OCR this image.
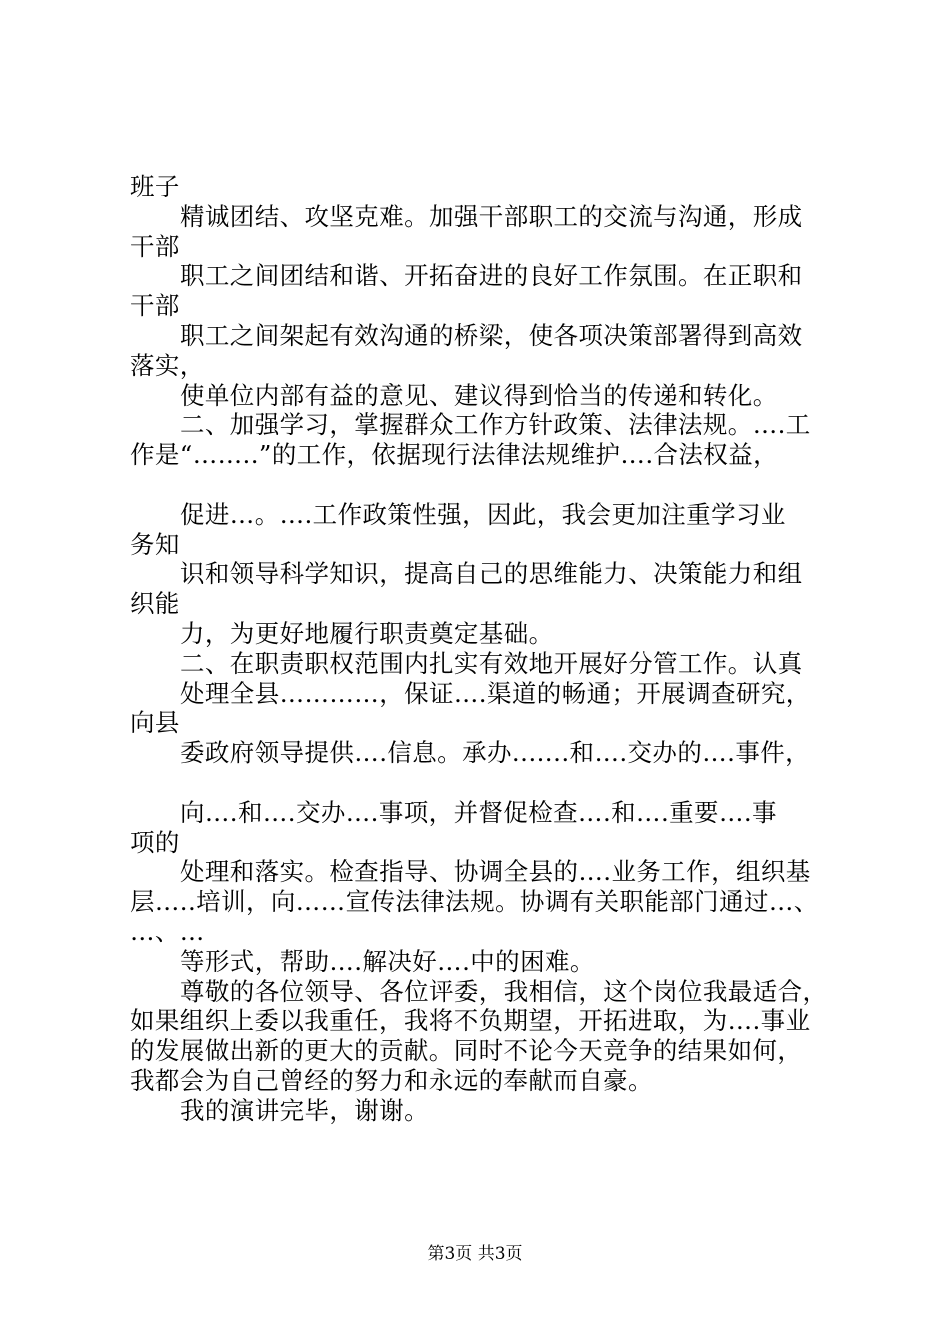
班子
精诚团结、攻坚克难。加强干部职工的交流与沟通，形成
干部
职工之间团结和谐、开拓奋进的良好工作氛围。在正职和
干部
职工之间架起有效沟通的桥梁，使各项决策部署得到高效
落实，
使单位内部有益的意见、建议得到恰当的传递和转化。
二、加强学习，掌握群众工作方针政策、法律法规。….工
作是“……..”的工作，依据现行法律法规维护….合法权益，
促进…。….工作政策性强，因此，我会更加注重学习业
务知
识和领导科学知识，提高自己的思维能力、决策能力和组
织能
力，为更好地履行职责奠定基础。
二、在职责职权范围内扎实有效地开展好分管工作。认真
处理全县…………，保证….渠道的畅通；开展调查研究，
向县
委政府领导提供….信息。承办..…..和….交办的….事件，
向….和….交办….事项，并督促检查….和….重要….事
项的
处理和落实。检查指导、协调全县的….业务工作，组织基
层…..培训，向……宣传法律法规。协调有关职能部门通过…、
…、…
等形式，帮助….解决好….中的困难。
尊敬的各位领导、各位评委，我相信，这个岗位我最适合，
如果组织上委以我重任，我将不负期望，开拓进取，为….事业
的发展做出新的更大的贡献。同时不论今天竞争的结果如何，
我都会为自己曾经的努力和永远的奉献而自豪。
我的演讲完毕，谢谢。
第3页 共3页
